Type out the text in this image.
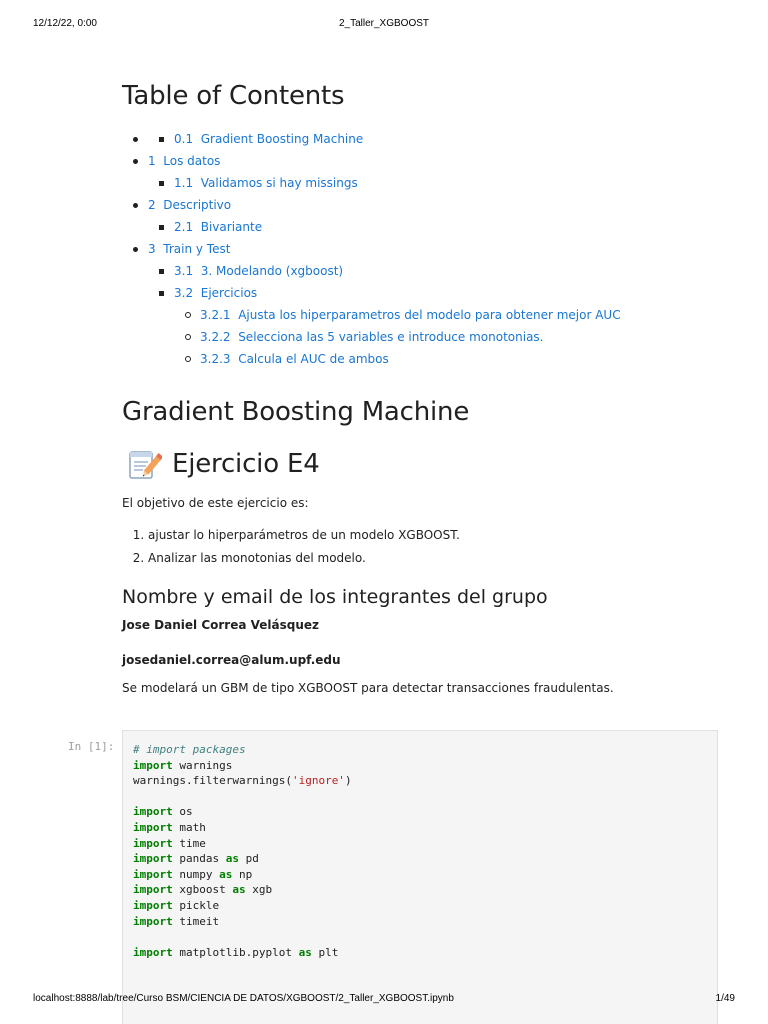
12/12/22, 0:00	2_Taller_XGBOOST
Table of Contents
0.1 Gradient Boosting Machine
1 Los datos
1.1 Validamos si hay missings
2 Descriptivo
2.1 Bivariante
3 Train y Test
3.1 3. Modelando (xgboost)
3.2 Ejercicios
3.2.1 Ajusta los hiperparametros del modelo para obtener mejor AUC
3.2.2 Selecciona las 5 variables e introduce monotonias.
3.2.3 Calcula el AUC de ambos
Gradient Boosting Machine
Ejercicio E4

El objetivo de este ejercicio es:

1. ajustar lo hiperparámetros de un modelo XGBOOST.
2. Analizar las monotonias del modelo.
Nombre y email de los integrantes del grupo

Jose Daniel Correa Velásquez

josedaniel.correa@alum.upf.edu

Se modelará un GBM de tipo XGBOOST para detectar transacciones fraudulentas.

In [1]: # import packages
import warnings
warnings.filterwarnings('ignore')
import os
import math
import time
import pandas as pd
import numpy as np
import xgboost as xgb
import pickle
import timeit
import matplotlib.pyplot as plt
localhost:8888/lab/tree/Curso BSM/CIENCIA DE DATOS/XGBOOST/2_Taller_XGBOOST.ipynb	1/49
